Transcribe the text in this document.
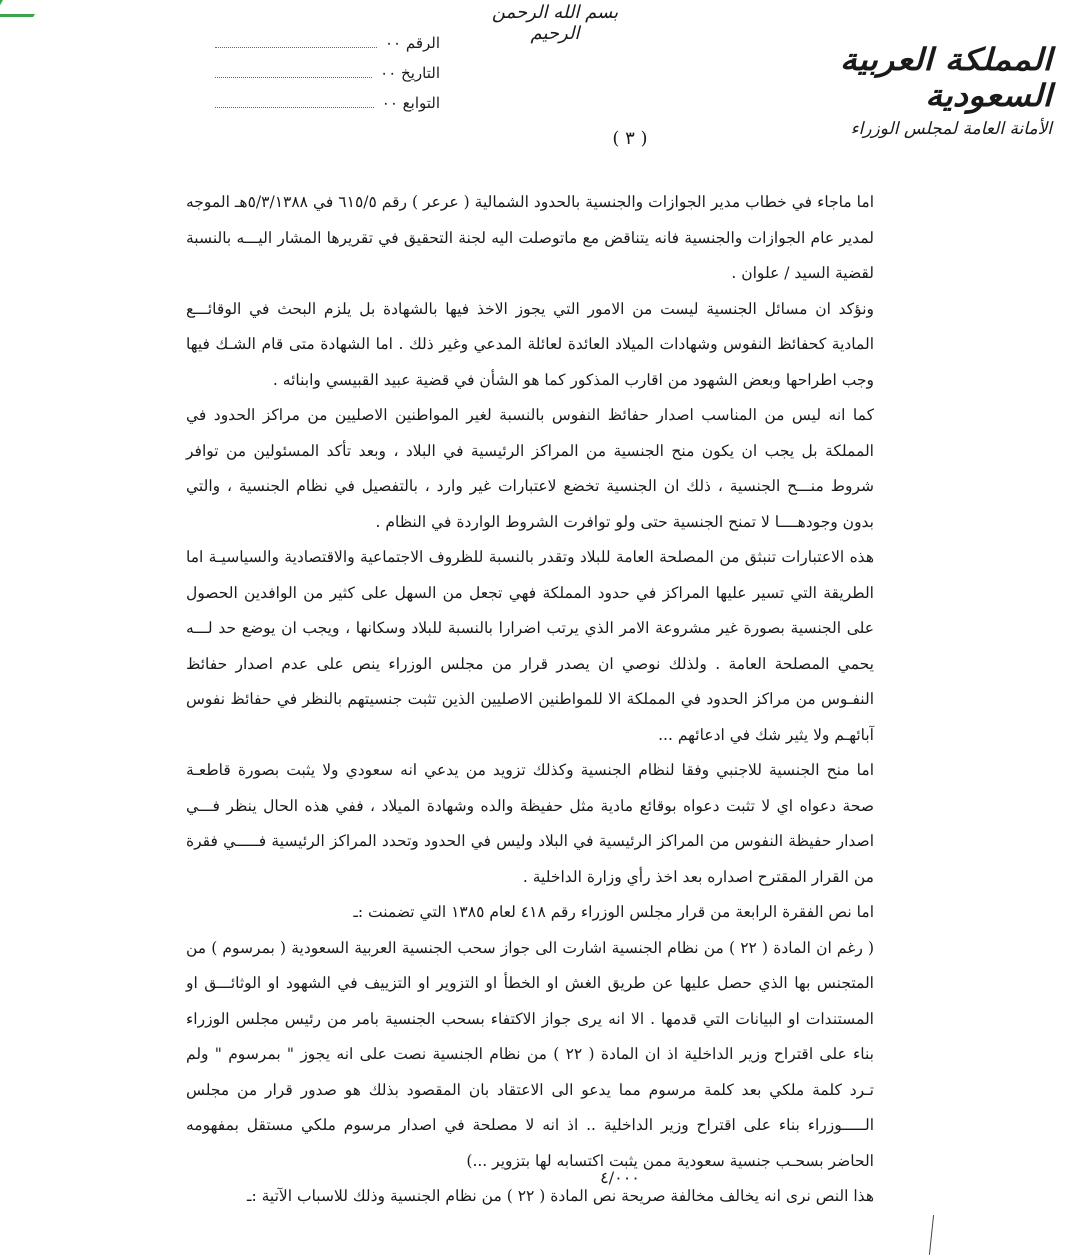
بسم الله الرحمن الرحيم
المملكة العربية السعودية
الأمانة العامة لمجلس الوزراء
الرقم ٠٠
التاريخ ٠٠
التوابع ٠٠
( ٣ )

اما ماجاء في خطاب مدير الجوازات والجنسية بالحدود الشمالية ( عرعر ) رقم ٦١٥/٥ في ٥/٣/١٣٨٨هـ الموجه لمدير عام الجوازات والجنسية فانه يتناقض مع ماتوصلت اليه لجنة التحقيق في تقريرها المشار اليـــه بالنسبة لقضية السيد / علوان .

ونؤكد ان مسائل الجنسية ليست من الامور التي يجوز الاخذ فيها بالشهادة بل يلزم البحث في الوقائـــع المادية كحفائظ النفوس وشهادات الميلاد العائدة لعائلة المدعي وغير ذلك . اما الشهادة متى قام الشـك فيها وجب اطراحها وبعض الشهود من اقارب المذكور كما هو الشأن في قضية عبيد القبيسي وابنائه .

كما انه ليس من المناسب اصدار حفائظ النفوس بالنسبة لغير المواطنين الاصليين من مراكز الحدود في المملكة بل يجب ان يكون منح الجنسية من المراكز الرئيسية في البلاد ، وبعد تأكد المسئولين من توافر شروط منـــح الجنسية ، ذلك ان الجنسية تخضع لاعتبارات غير وارد ، بالتفصيل في نظام الجنسية ، والتي بدون وجودهــــا لا تمنح الجنسية حتى ولو توافرت الشروط الواردة في النظام .

هذه الاعتبارات تنبثق من المصلحة العامة للبلاد وتقدر بالنسبة للظروف الاجتماعية والاقتصادية والسياسيـة اما الطريقة التي تسير عليها المراكز في حدود المملكة فهي تجعل من السهل على كثير من الوافدين الحصول على الجنسية بصورة غير مشروعة الامر الذي يرتب اضرارا بالنسبة للبلاد وسكانها ، ويجب ان يوضع حد لـــه يحمي المصلحة العامة . ولذلك نوصي ان يصدر قرار من مجلس الوزراء ينص على عدم اصدار حفائظ النفـوس من مراكز الحدود في المملكة الا للمواطنين الاصليين الذين تثبت جنسيتهم بالنظر في حفائظ نفوس آبائهـم ولا يثير شك في ادعائهم ...

اما منح الجنسية للاجنبي وفقا لنظام الجنسية وكذلك تزويد من يدعي انه سعودي ولا يثبت بصورة قاطعـة صحة دعواه اي لا تثبت دعواه بوقائع مادية مثل حفيظة والده وشهادة الميلاد ، ففي هذه الحال ينظر فـــي اصدار حفيظة النفوس من المراكز الرئيسية في البلاد وليس في الحدود وتحدد المراكز الرئيسية فـــــي فقرة من القرار المقترح اصداره بعد اخذ رأي وزارة الداخلية .

اما نص الفقرة الرابعة من قرار مجلس الوزراء رقم ٤١٨ لعام ١٣٨٥ التي تضمنت :ـ

( رغم ان المادة ( ٢٢ ) من نظام الجنسية اشارت الى جواز سحب الجنسية العربية السعودية ( بمرسوم ) من المتجنس بها الذي حصل عليها عن طريق الغش او الخطأ او التزوير او التزييف في الشهود او الوثائـــق او المستندات او البيانات التي قدمها . الا انه يرى جواز الاكتفاء بسحب الجنسية بامر من رئيس مجلس الوزراء بناء على اقتراح وزير الداخلية اذ ان المادة ( ٢٢ ) من نظام الجنسية نصت على انه يجوز " بمرسوم " ولم تـرد كلمة ملكي بعد كلمة مرسوم مما يدعو الى الاعتقاد بان المقصود بذلك هو صدور قرار من مجلس الـــــوزراء بناء على اقتراح وزير الداخلية .. اذ انه لا مصلحة في اصدار مرسوم ملكي مستقل بمفهومه الحاضر بسحـب جنسية سعودية ممن يثبت اكتسابه لها بتزوير ...)

هذا النص نرى انه يخالف مخالفة صريحة نص المادة ( ٢٢ ) من نظام الجنسية وذلك للاسباب الآتية :ـ

٤/٠٠٠
